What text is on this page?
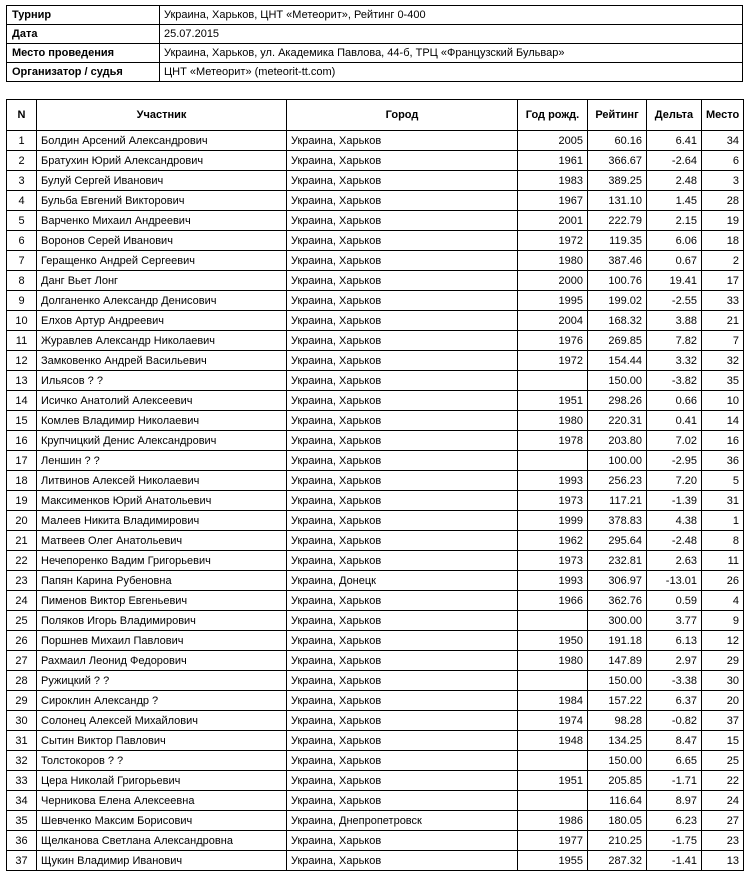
Турнир	Украина, Харьков, ЦНТ «Метеорит», Рейтинг 0-400
Дата	25.07.2015
Место проведения	Украина, Харьков, ул. Академика Павлова, 44-б, ТРЦ «Французский Бульвар»
Организатор / судья	ЦНТ «Метеорит» (meteorit-tt.com)
N	Участник	Город	Год рожд.	Рейтинг	Дельта	Место
1	Болдин Арсений Александрович	Украина, Харьков	2005	60.16	6.41	34
2	Братухин Юрий Александрович	Украина, Харьков	1961	366.67	-2.64	6
3	Булуй Сергей Иванович	Украина, Харьков	1983	389.25	2.48	3
4	Бульба Евгений Викторович	Украина, Харьков	1967	131.10	1.45	28
5	Варченко Михаил Андреевич	Украина, Харьков	2001	222.79	2.15	19
6	Воронов Серей Иванович	Украина, Харьков	1972	119.35	6.06	18
7	Геращенко Андрей Сергеевич	Украина, Харьков	1980	387.46	0.67	2
8	Данг Вьет Лонг	Украина, Харьков	2000	100.76	19.41	17
9	Долганенко Александр Денисович	Украина, Харьков	1995	199.02	-2.55	33
10	Елхов Артур Андреевич	Украина, Харьков	2004	168.32	3.88	21
11	Журавлев Александр Николаевич	Украина, Харьков	1976	269.85	7.82	7
12	Замковенко Андрей Васильевич	Украина, Харьков	1972	154.44	3.32	32
13	Ильясов ? ?	Украина, Харьков		150.00	-3.82	35
14	Исичко Анатолий Алексеевич	Украина, Харьков	1951	298.26	0.66	10
15	Комлев Владимир Николаевич	Украина, Харьков	1980	220.31	0.41	14
16	Крупчицкий Денис Александрович	Украина, Харьков	1978	203.80	7.02	16
17	Леншин ? ?	Украина, Харьков		100.00	-2.95	36
18	Литвинов Алексей Николаевич	Украина, Харьков	1993	256.23	7.20	5
19	Максименков Юрий Анатольевич	Украина, Харьков	1973	117.21	-1.39	31
20	Малеев Никита Владимирович	Украина, Харьков	1999	378.83	4.38	1
21	Матвеев Олег Анатольевич	Украина, Харьков	1962	295.64	-2.48	8
22	Нечепоренко Вадим Григорьевич	Украина, Харьков	1973	232.81	2.63	11
23	Папян Карина Рубеновна	Украина, Донецк	1993	306.97	-13.01	26
24	Пименов Виктор Евгеньевич	Украина, Харьков	1966	362.76	0.59	4
25	Поляков Игорь Владимирович	Украина, Харьков		300.00	3.77	9
26	Поршнев Михаил Павлович	Украина, Харьков	1950	191.18	6.13	12
27	Рахмаил Леонид Федорович	Украина, Харьков	1980	147.89	2.97	29
28	Ружицкий ? ?	Украина, Харьков		150.00	-3.38	30
29	Сироклин Александр ?	Украина, Харьков	1984	157.22	6.37	20
30	Солонец Алексей Михайлович	Украина, Харьков	1974	98.28	-0.82	37
31	Сытин Виктор Павлович	Украина, Харьков	1948	134.25	8.47	15
32	Толстокоров ? ?	Украина, Харьков		150.00	6.65	25
33	Цера Николай Григорьевич	Украина, Харьков	1951	205.85	-1.71	22
34	Черникова Елена Алексеевна	Украина, Харьков		116.64	8.97	24
35	Шевченко Максим Борисович	Украина, Днепропетровск	1986	180.05	6.23	27
36	Щелканова Светлана Александровна	Украина, Харьков	1977	210.25	-1.75	23
37	Щукин Владимир Иванович	Украина, Харьков	1955	287.32	-1.41	13
